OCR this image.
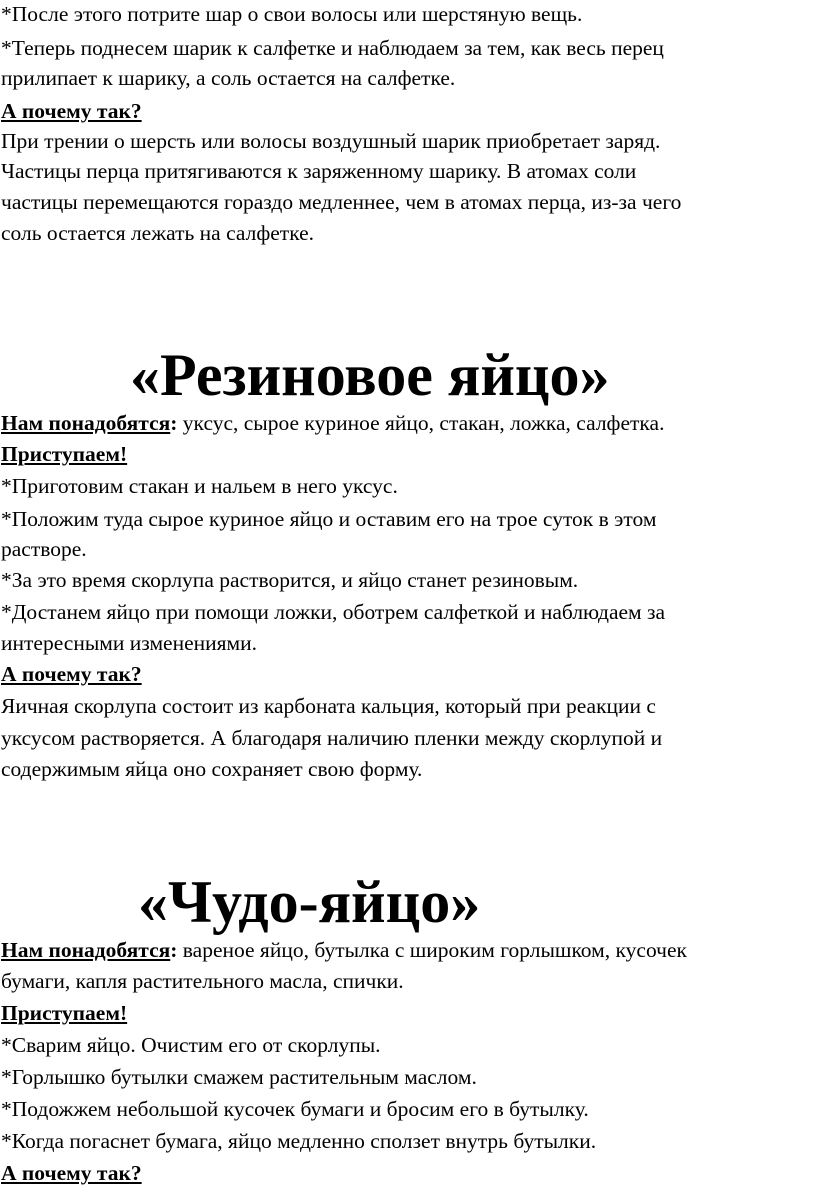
*После этого потрите шар о свои волосы или шерстяную вещь.

*Теперь поднесем шарик к салфетке и наблюдаем за тем, как весь перец

прилипает к шарику, а соль остается на салфетке.

А почему так?

При трении о шерсть или волосы воздушный шарик приобретает заряд.

Частицы перца притягиваются к заряженному шарику. В атомах соли

частицы перемещаются гораздо медленнее, чем в атомах перца, из-за чего

соль остается лежать на салфетке.

«Резиновое яйцо»

Нам понадобятся: уксус, сырое куриное яйцо, стакан, ложка, салфетка.

Приступаем!

*Приготовим стакан и нальем в него уксус.

*Положим туда сырое куриное яйцо и оставим его на трое суток в этом

растворе.

*За это время скорлупа растворится, и яйцо станет резиновым.

*Достанем яйцо при помощи ложки, оботрем салфеткой и наблюдаем за

интересными изменениями.

А почему так?

Яичная скорлупа состоит из карбоната кальция, который при реакции с

уксусом растворяется. А благодаря наличию пленки между скорлупой и

содержимым яйца оно сохраняет свою форму.

«Чудо-яйцо»

Нам понадобятся: вареное яйцо, бутылка с широким горлышком, кусочек

бумаги, капля растительного масла, спички.

Приступаем!

*Сварим яйцо. Очистим его от скорлупы.

*Горлышко бутылки смажем растительным маслом.

*Подожжем небольшой кусочек бумаги и бросим его в бутылку.

*Когда погаснет бумага, яйцо медленно сползет внутрь бутылки.

А почему так?
